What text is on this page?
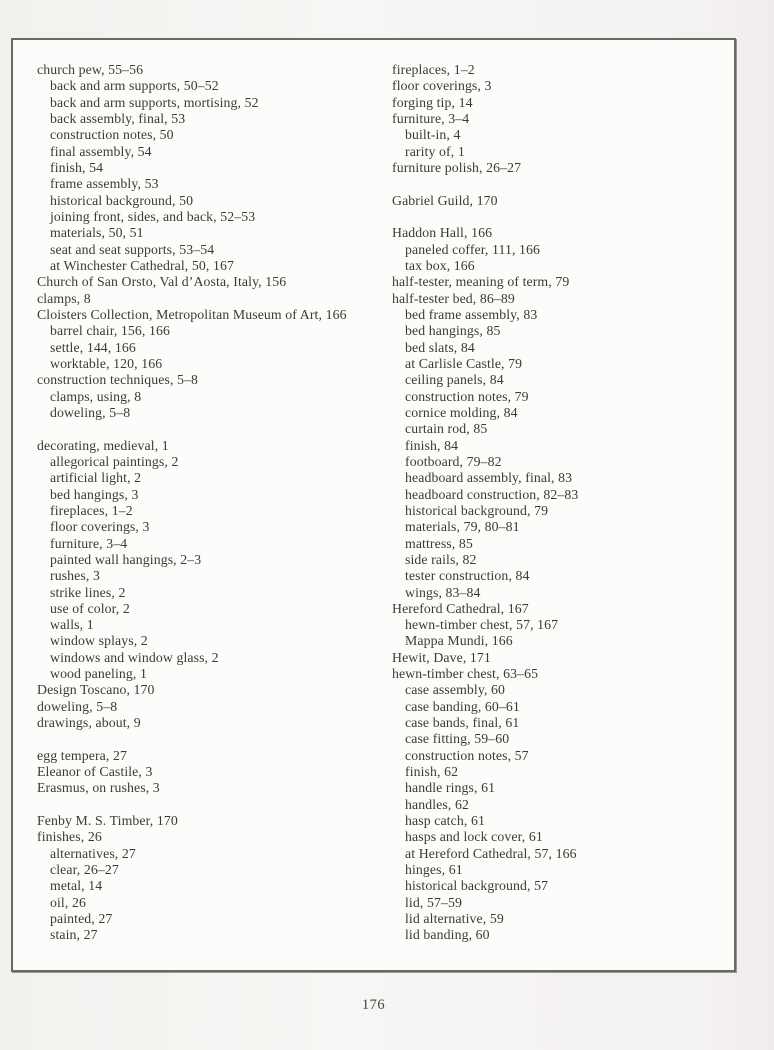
church pew, 55–56
back and arm supports, 50–52
back and arm supports, mortising, 52
back assembly, final, 53
construction notes, 50
final assembly, 54
finish, 54
frame assembly, 53
historical background, 50
joining front, sides, and back, 52–53
materials, 50, 51
seat and seat supports, 53–54
at Winchester Cathedral, 50, 167
Church of San Orsto, Val d’Aosta, Italy, 156
clamps, 8
Cloisters Collection, Metropolitan Museum of Art, 166
barrel chair, 156, 166
settle, 144, 166
worktable, 120, 166
construction techniques, 5–8
clamps, using, 8
doweling, 5–8
decorating, medieval, 1
allegorical paintings, 2
artificial light, 2
bed hangings, 3
fireplaces, 1–2
floor coverings, 3
furniture, 3–4
painted wall hangings, 2–3
rushes, 3
strike lines, 2
use of color, 2
walls, 1
window splays, 2
windows and window glass, 2
wood paneling, 1
Design Toscano, 170
doweling, 5–8
drawings, about, 9
egg tempera, 27
Eleanor of Castile, 3
Erasmus, on rushes, 3
Fenby M. S. Timber, 170
finishes, 26
alternatives, 27
clear, 26–27
metal, 14
oil, 26
painted, 27
stain, 27
fireplaces, 1–2
floor coverings, 3
forging tip, 14
furniture, 3–4
built-in, 4
rarity of, 1
furniture polish, 26–27
Gabriel Guild, 170
Haddon Hall, 166
paneled coffer, 111, 166
tax box, 166
half-tester, meaning of term, 79
half-tester bed, 86–89
bed frame assembly, 83
bed hangings, 85
bed slats, 84
at Carlisle Castle, 79
ceiling panels, 84
construction notes, 79
cornice molding, 84
curtain rod, 85
finish, 84
footboard, 79–82
headboard assembly, final, 83
headboard construction, 82–83
historical background, 79
materials, 79, 80–81
mattress, 85
side rails, 82
tester construction, 84
wings, 83–84
Hereford Cathedral, 167
hewn-timber chest, 57, 167
Mappa Mundi, 166
Hewit, Dave, 171
hewn-timber chest, 63–65
case assembly, 60
case banding, 60–61
case bands, final, 61
case fitting, 59–60
construction notes, 57
finish, 62
handle rings, 61
handles, 62
hasp catch, 61
hasps and lock cover, 61
at Hereford Cathedral, 57, 166
hinges, 61
historical background, 57
lid, 57–59
lid alternative, 59
lid banding, 60
176
